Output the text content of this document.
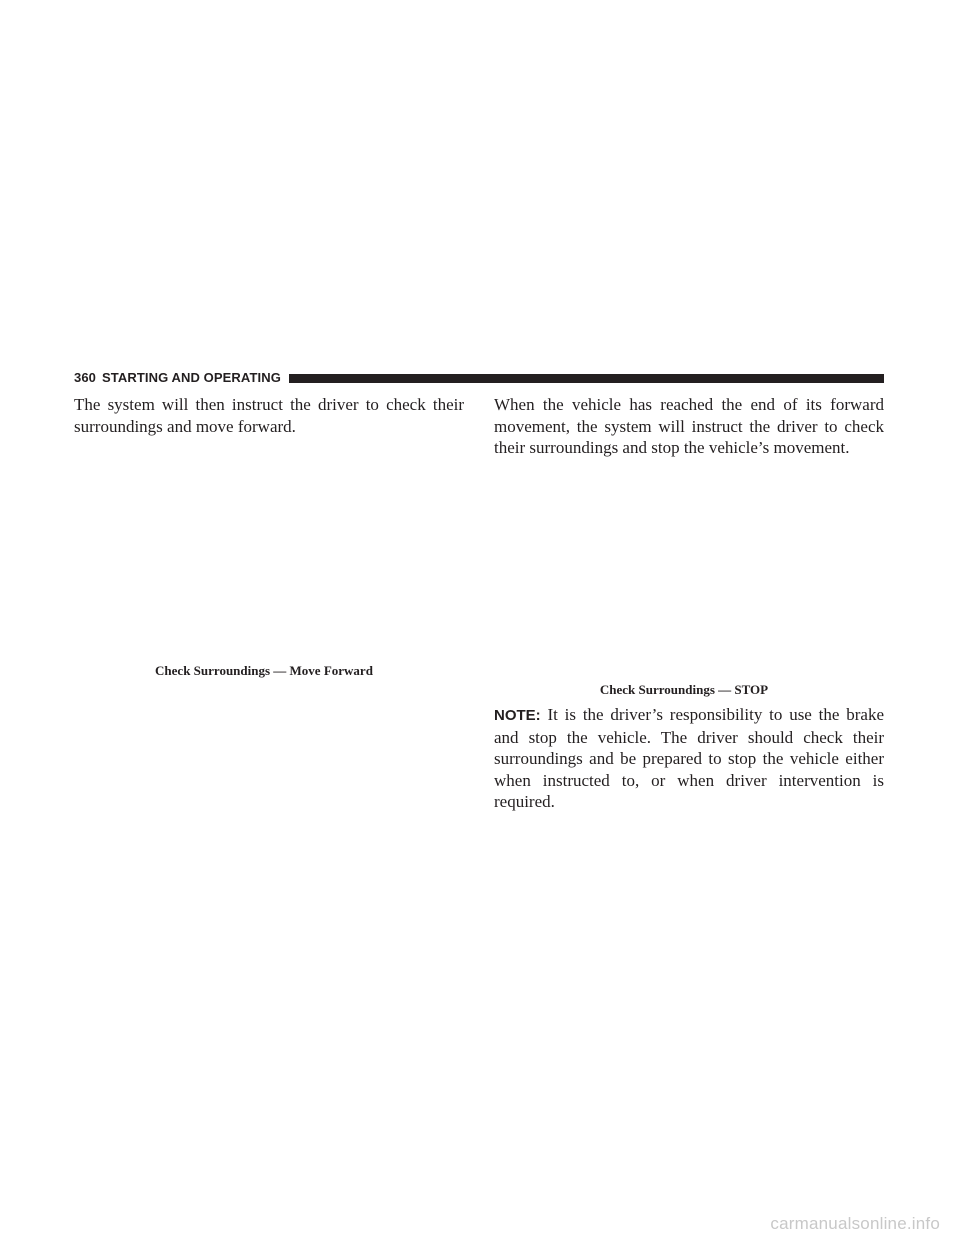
360 STARTING AND OPERATING

The system will then instruct the driver to check their surroundings and move forward.

Check Surroundings — Move Forward

When the vehicle has reached the end of its forward movement, the system will instruct the driver to check their surroundings and stop the vehicle’s movement.

Check Surroundings — STOP

NOTE: It is the driver’s responsibility to use the brake and stop the vehicle. The driver should check their surroundings and be prepared to stop the vehicle either when instructed to, or when driver intervention is required.

carmanualsonline.info
